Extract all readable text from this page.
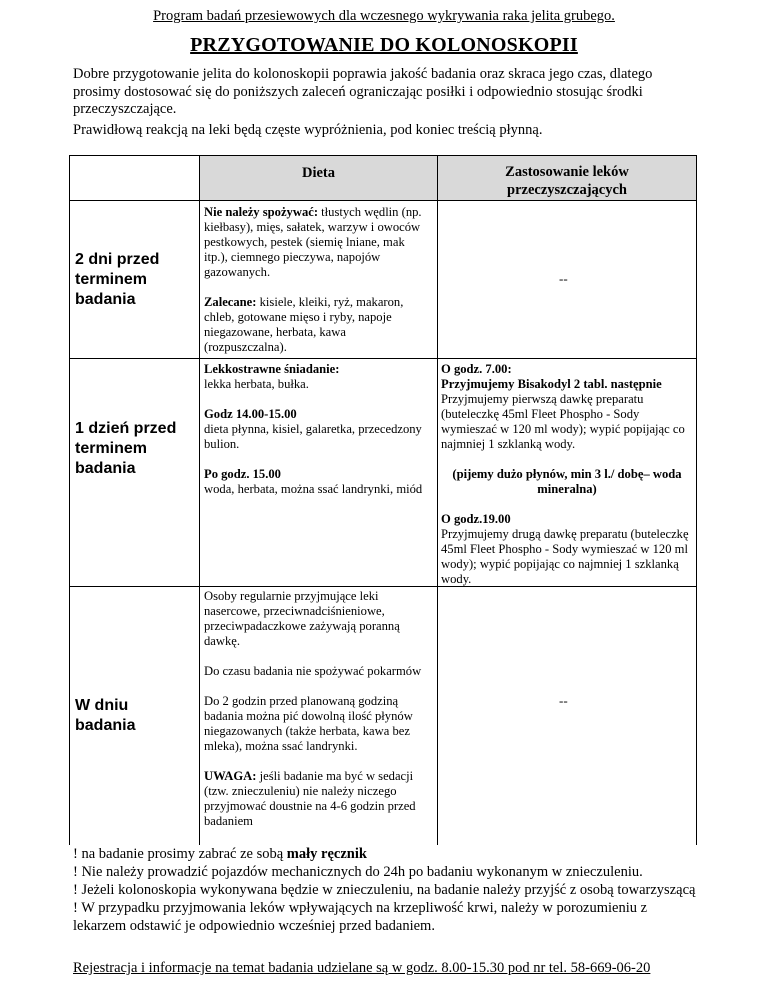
Program badań przesiewowych dla wczesnego wykrywania raka jelita grubego.
PRZYGOTOWANIE DO KOLONOSKOPII
Dobre przygotowanie jelita do kolonoskopii poprawia jakość badania oraz skraca jego czas, dlatego prosimy dostosować się do poniższych zaleceń ograniczając posiłki i odpowiednio stosując środki przeczyszczające.
Prawidłową reakcją na leki będą częste wypróżnienia, pod koniec treścią płynną.
Dieta	Zastosowanie leków
przeczyszczających
2 dni przed
terminem
badania

Nie należy spożywać: tłustych wędlin (np. kiełbasy), mięs, sałatek, warzyw i owoców pestkowych, pestek (siemię lniane, mak itp.), ciemnego pieczywa, napojów gazowanych.

Zalecane: kisiele, kleiki, ryż, makaron, chleb, gotowane mięso i ryby, napoje niegazowane, herbata, kawa (rozpuszczalna).

--
1 dzień przed
terminem
badania

Lekkostrawne śniadanie:

lekka herbata, bułka.

Godz 14.00-15.00

dieta płynna, kisiel, galaretka, przecedzony bulion.

Po godz. 15.00

woda, herbata, można ssać landrynki, miód

O godz. 7.00:

Przyjmujemy Bisakodyl 2 tabl. następnie

Przyjmujemy pierwszą dawkę preparatu (buteleczkę 45ml Fleet Phospho - Sody wymieszać w 120 ml wody); wypić popijając co najmniej 1 szklanką wody.

(pijemy dużo płynów, min 3 l./ dobę– woda mineralna)

O godz.19.00

Przyjmujemy drugą dawkę preparatu (buteleczkę 45ml Fleet Phospho - Sody wymieszać w 120 ml wody); wypić popijając co najmniej 1 szklanką wody.

W dniu
badania

Osoby regularnie przyjmujące leki nasercowe, przeciwnadciśnieniowe, przeciwpadaczkowe zażywają poranną dawkę.

Do czasu badania nie spożywać pokarmów

Do 2 godzin przed planowaną godziną badania można pić dowolną ilość płynów niegazowanych (także herbata, kawa bez mleka), można ssać landrynki.

UWAGA: jeśli badanie ma być w sedacji (tzw. znieczuleniu) nie należy niczego przyjmować doustnie na 4-6 godzin przed badaniem

--

! na badanie prosimy zabrać ze sobą mały ręcznik

! Nie należy prowadzić pojazdów mechanicznych do 24h po badaniu wykonanym w znieczuleniu.

! Jeżeli kolonoskopia wykonywana będzie w znieczuleniu, na badanie należy przyjść z osobą towarzyszącą

! W przypadku przyjmowania leków wpływających na krzepliwość krwi, należy w porozumieniu z lekarzem odstawić je odpowiednio wcześniej przed badaniem.

Rejestracja i informacje na temat badania udzielane są w godz. 8.00-15.30 pod nr tel. 58-669-06-20
